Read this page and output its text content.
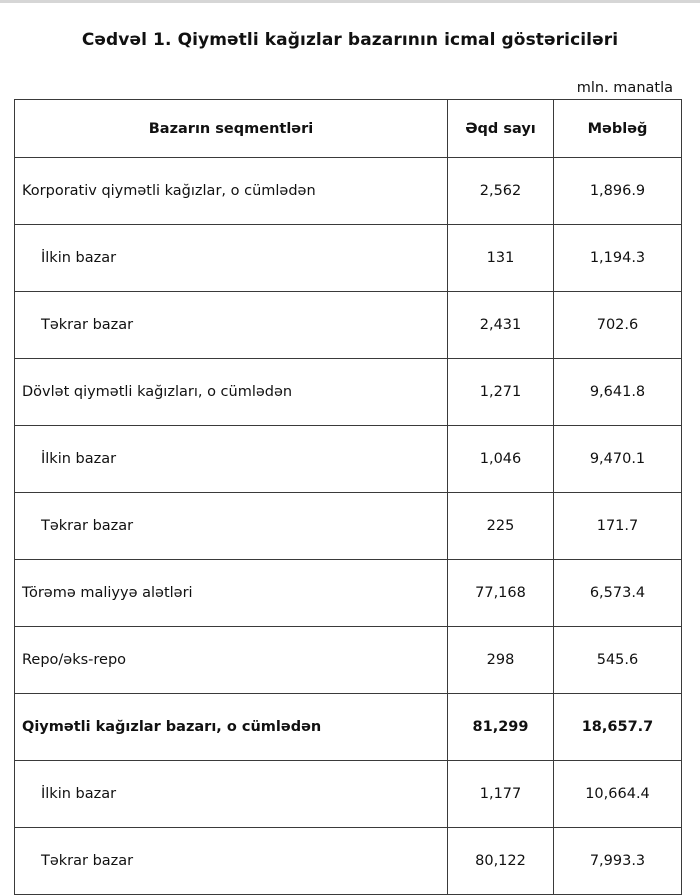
Cədvəl 1. Qiymətli kağızlar bazarının icmal göstəriciləri
mln. manatla
Bazarın seqmentləri	Əqd sayı	Məbləğ
Korporativ qiymətli kağızlar, o cümlədən	2,562	1,896.9
İlkin bazar	131	1,194.3
Təkrar bazar	2,431	702.6
Dövlət qiymətli kağızları, o cümlədən	1,271	9,641.8
İlkin bazar	1,046	9,470.1
Təkrar bazar	225	171.7
Törəmə maliyyə alətləri	77,168	6,573.4
Repo/əks-repo	298	545.6
Qiymətli kağızlar bazarı, o cümlədən	81,299	18,657.7
İlkin bazar	1,177	10,664.4
Təkrar bazar	80,122	7,993.3
